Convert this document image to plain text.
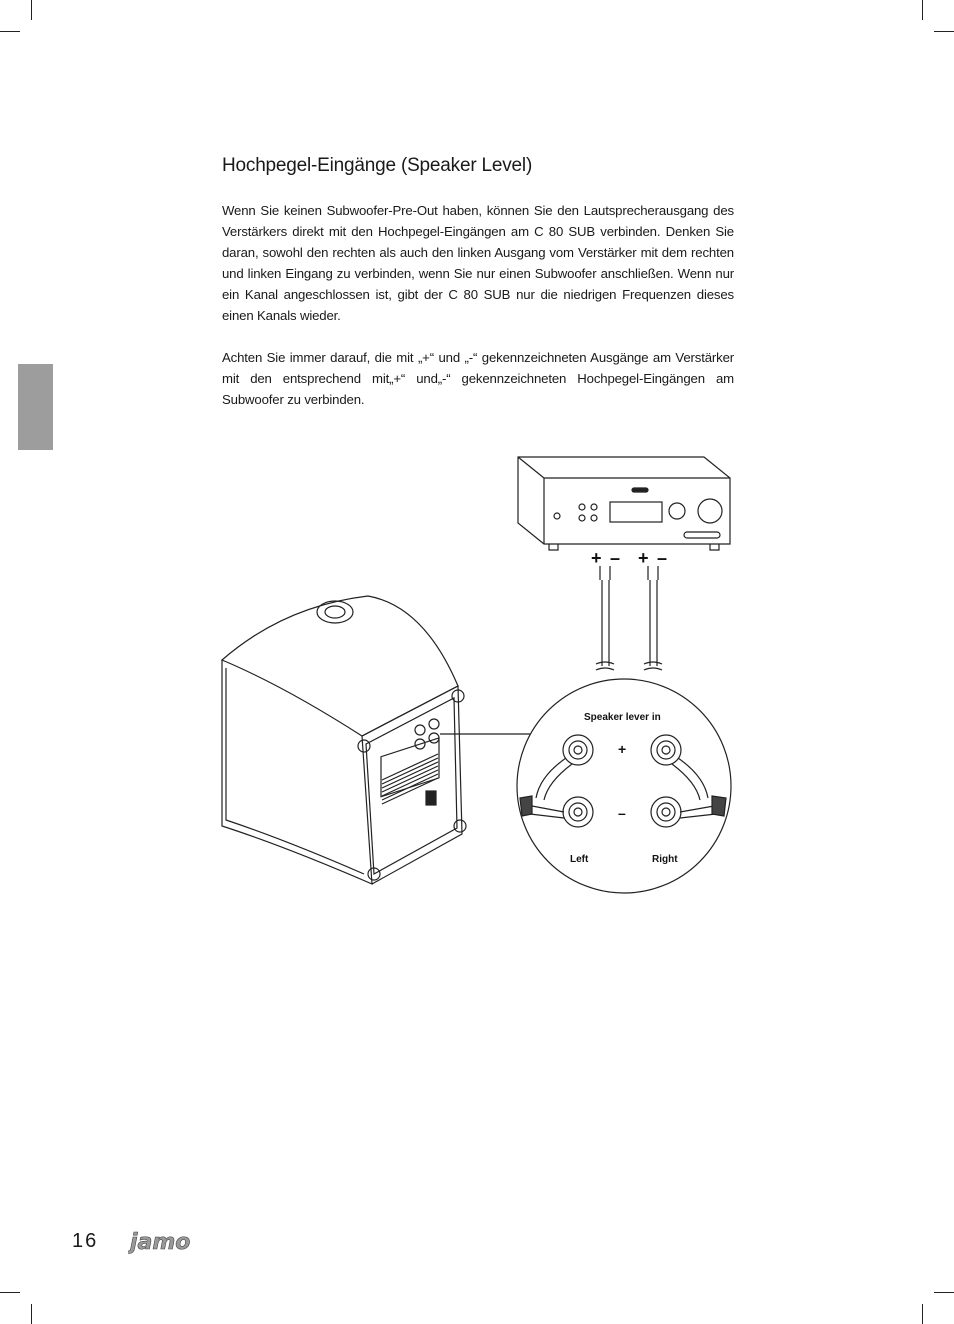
Hochpegel-Eingänge (Speaker Level)

Wenn Sie keinen Subwoofer-Pre-Out haben, können Sie den Lautsprecherausgang des Verstärkers direkt mit den Hochpegel-Eingängen am C 80 SUB verbinden. Denken Sie daran, sowohl den rechten als auch den linken Ausgang vom Verstärker mit dem rechten und linken Eingang zu verbinden, wenn Sie nur einen Subwoofer anschließen. Wenn nur ein Kanal angeschlossen ist, gibt der C 80 SUB nur die niedrigen Frequenzen dieses einen Kanals wieder.

Achten Sie immer darauf, die mit „+“ und „-“ gekennzeichneten Ausgänge am Verstärker mit den entsprechend mit„+“ und„-“ gekennzeichneten Hochpegel-Eingängen am Subwoofer zu verbinden.

+ – + –
Speaker lever in
+
–
Left	Right
16 jamo
